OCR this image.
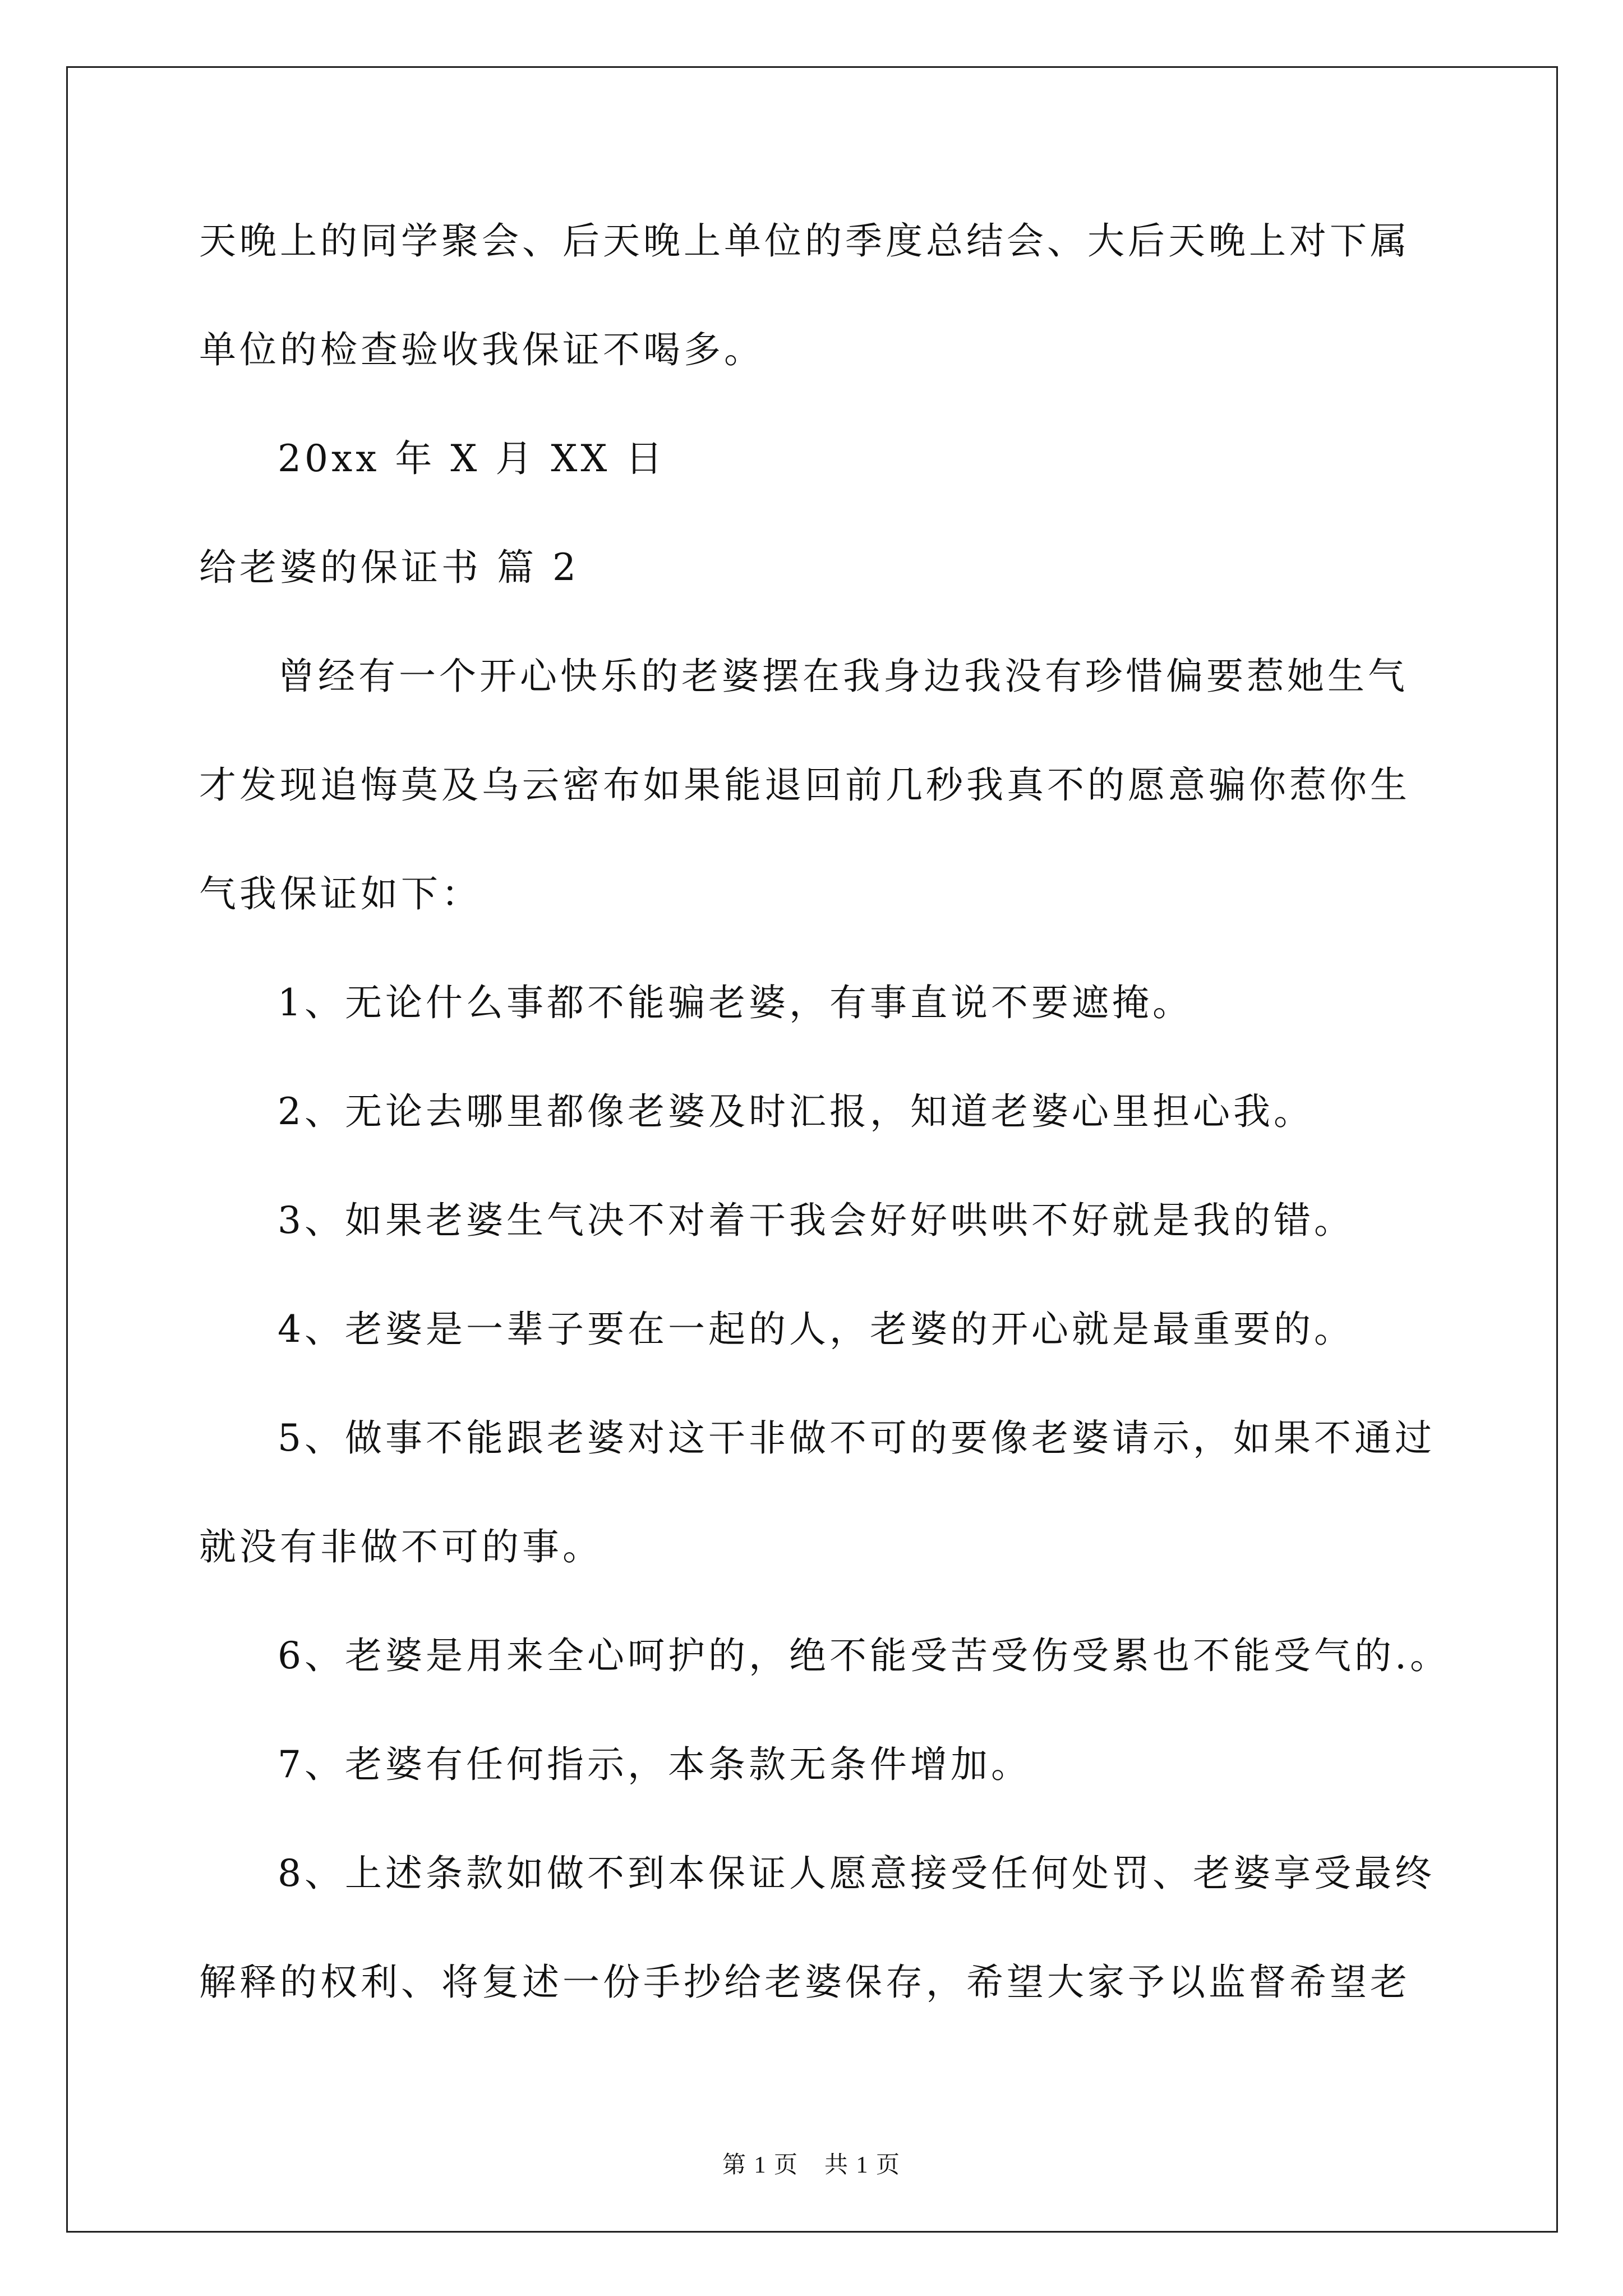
天晚上的同学聚会、后天晚上单位的季度总结会、大后天晚上对下属
单位的检查验收我保证不喝多。
20xx 年 X 月 XX 日
给老婆的保证书 篇 2
曾经有一个开心快乐的老婆摆在我身边我没有珍惜偏要惹她生气
才发现追悔莫及乌云密布如果能退回前几秒我真不的愿意骗你惹你生
气我保证如下：
1、无论什么事都不能骗老婆，有事直说不要遮掩。
2、无论去哪里都像老婆及时汇报，知道老婆心里担心我。
3、如果老婆生气决不对着干我会好好哄哄不好就是我的错。
4、老婆是一辈子要在一起的人，老婆的开心就是最重要的。
5、做事不能跟老婆对这干非做不可的要像老婆请示，如果不通过
就没有非做不可的事。
6、老婆是用来全心呵护的，绝不能受苦受伤受累也不能受气的.。
7、老婆有任何指示，本条款无条件增加。
8、上述条款如做不到本保证人愿意接受任何处罚、老婆享受最终
解释的权利、将复述一份手抄给老婆保存，希望大家予以监督希望老
第 1 页 共 1 页
